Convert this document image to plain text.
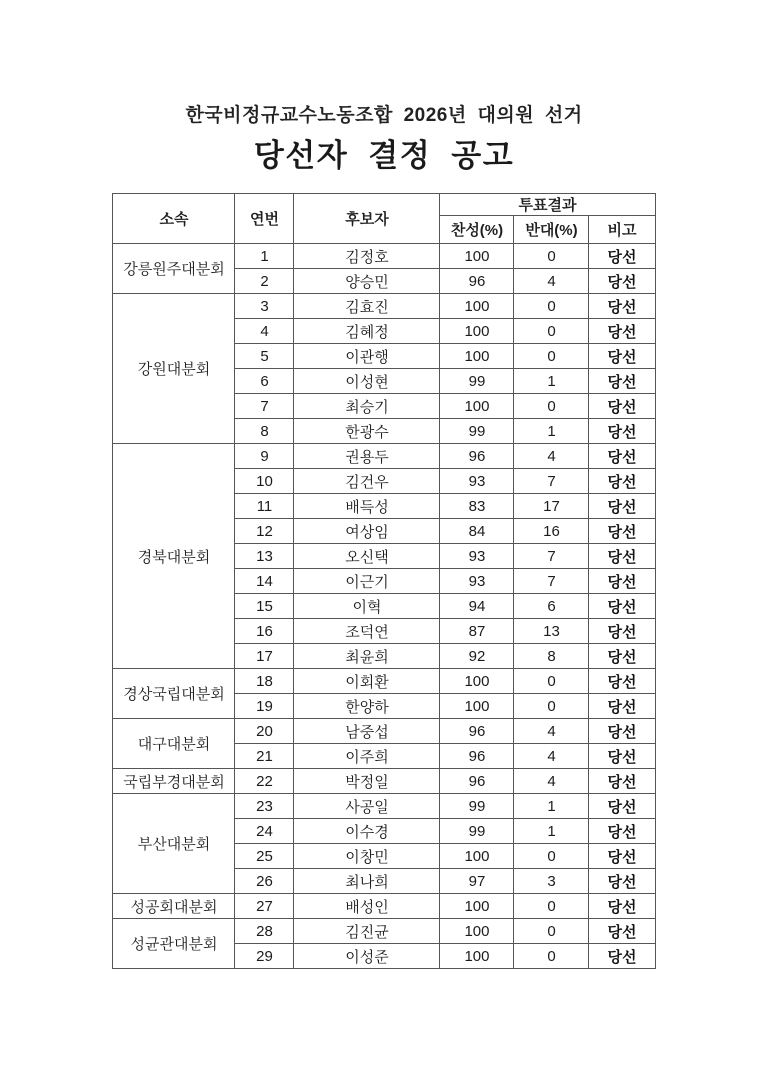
한국비정규교수노동조합 2026년 대의원 선거
당선자 결정 공고
소속	연번	후보자	투표결과		
			찬성(%)	반대(%)	비고
강릉원주대분회	1	김정호	100	0	당선
	2	양승민	96	4	당선
강원대분회	3	김효진	100	0	당선
	4	김혜정	100	0	당선
	5	이관행	100	0	당선
	6	이성현	99	1	당선
	7	최승기	100	0	당선
	8	한광수	99	1	당선
경북대분회	9	권용두	96	4	당선
	10	김건우	93	7	당선
	11	배득성	83	17	당선
	12	여상임	84	16	당선
	13	오신택	93	7	당선
	14	이근기	93	7	당선
	15	이혁	94	6	당선
	16	조덕연	87	13	당선
	17	최윤희	92	8	당선
경상국립대분회	18	이회환	100	0	당선
	19	한양하	100	0	당선
대구대분회	20	남중섭	96	4	당선
	21	이주희	96	4	당선
국립부경대분회	22	박정일	96	4	당선
부산대분회	23	사공일	99	1	당선
	24	이수경	99	1	당선
	25	이창민	100	0	당선
	26	최나희	97	3	당선
성공회대분회	27	배성인	100	0	당선
성균관대분회	28	김진균	100	0	당선
	29	이성준	100	0	당선
